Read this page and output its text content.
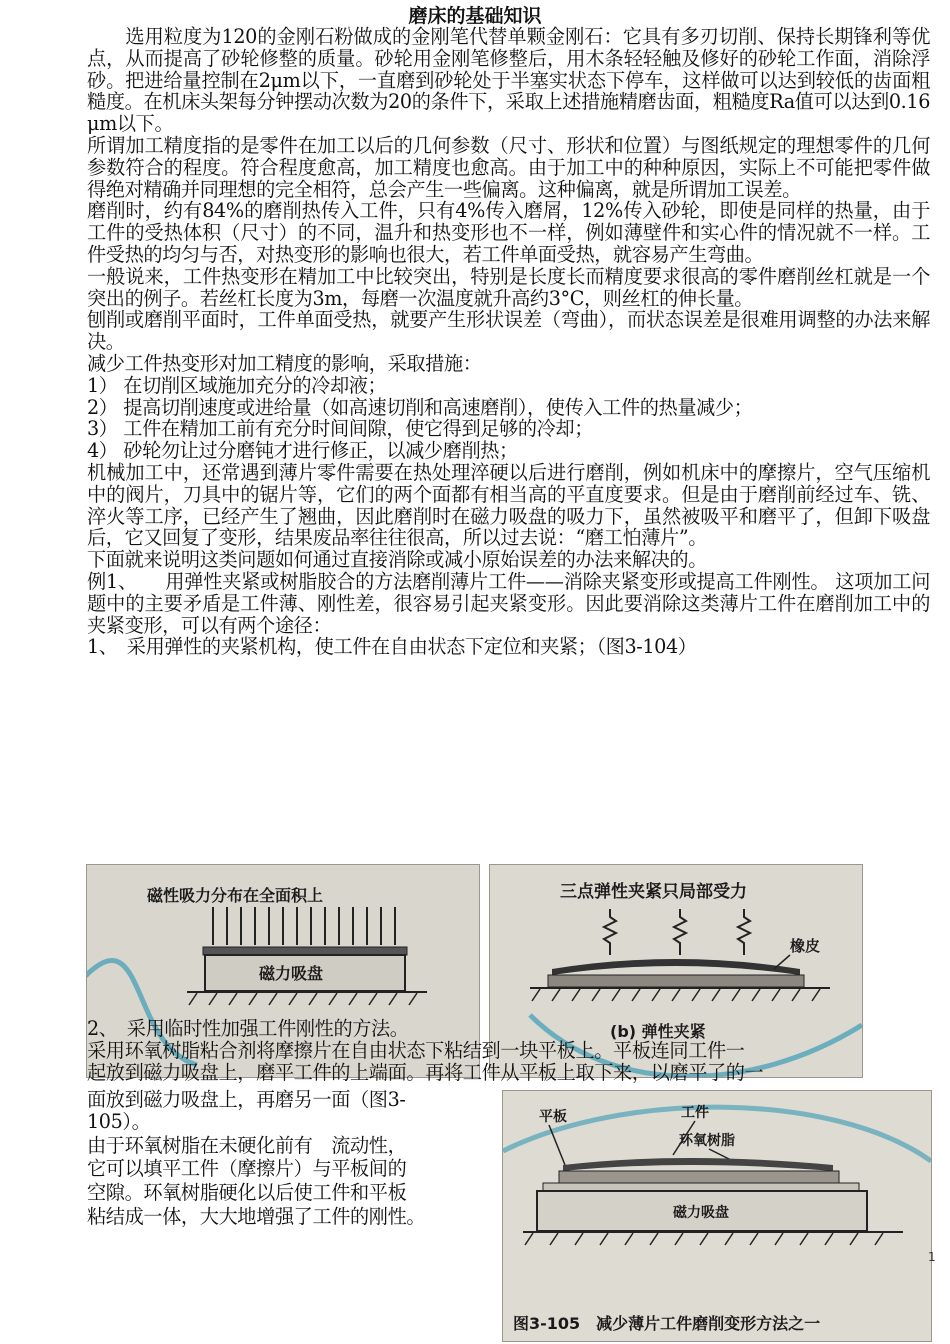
磨床的基础知识

选用粒度为120的金刚石粉做成的金刚笔代替单颗金刚石：它具有多刃切削、保持长期锋利等优点，从而提高了砂轮修整的质量。砂轮用金刚笔修整后，用木条轻轻触及修好的砂轮工作面，消除浮砂。把进给量控制在2μm以下，一直磨到砂轮处于半塞实状态下停车，这样做可以达到较低的齿面粗糙度。在机床头架每分钟摆动次数为20的条件下，采取上述措施精磨齿面，粗糙度Ra值可以达到0.16μm以下。

所谓加工精度指的是零件在加工以后的几何参数（尺寸、形状和位置）与图纸规定的理想零件的几何参数符合的程度。符合程度愈高，加工精度也愈高。由于加工中的种种原因，实际上不可能把零件做得绝对精确并同理想的完全相符，总会产生一些偏离。这种偏离，就是所谓加工误差。

磨削时，约有84%的磨削热传入工件，只有4%传入磨屑，12%传入砂轮，即使是同样的热量，由于工件的受热体积（尺寸）的不同，温升和热变形也不一样，例如薄壁件和实心件的情况就不一样。工件受热的均匀与否，对热变形的影响也很大，若工件单面受热，就容易产生弯曲。

一般说来，工件热变形在精加工中比较突出，特别是长度长而精度要求很高的零件磨削丝杠就是一个突出的例子。若丝杠长度为3m，每磨一次温度就升高约3°C，则丝杠的伸长量。

刨削或磨削平面时，工件单面受热，就要产生形状误差（弯曲），而状态误差是很难用调整的办法来解决。

减少工件热变形对加工精度的影响，采取措施：

1） 在切削区域施加充分的冷却液；

2） 提高切削速度或进给量（如高速切削和高速磨削），使传入工件的热量减少；

3） 工件在精加工前有充分时间间隙，使它得到足够的冷却；

4） 砂轮勿让过分磨钝才进行修正，以减少磨削热；

机械加工中，还常遇到薄片零件需要在热处理淬硬以后进行磨削，例如机床中的摩擦片，空气压缩机中的阀片，刀具中的锯片等，它们的两个面都有相当高的平直度要求。但是由于磨削前经过车、铣、淬火等工序，已经产生了翘曲，因此磨削时在磁力吸盘的吸力下，虽然被吸平和磨平了，但卸下吸盘后，它又回复了变形，结果废品率往往很高，所以过去说：“磨工怕薄片”。

下面就来说明这类问题如何通过直接消除或减小原始误差的办法来解决的。

例1、　　用弹性夹紧或树脂胶合的方法磨削薄片工件——消除夹紧变形或提高工件刚性。 这项加工问题中的主要矛盾是工件薄、刚性差，很容易引起夹紧变形。因此要消除这类薄片工件在磨削加工中的夹紧变形，可以有两个途径：

1、　采用弹性的夹紧机构，使工件在自由状态下定位和夹紧；（图3-104）

磁性吸力分布在全面积上
磁力吸盘
三点弹性夹紧只局部受力
橡皮
(b) 弹性夹紧
2、　采用临时性加强工件刚性的方法。
采用环氧树脂粘合剂将摩擦片在自由状态下粘结到一块平板上。平板连同工件一
起放到磁力吸盘上，磨平工件的上端面。再将工件从平板上取下来，以磨平了的一
面放到磁力吸盘上，再磨另一面（图3-
105）。
由于环氧树脂在未硬化前有　流动性，
它可以填平工件（摩擦片）与平板间的
空隙。环氧树脂硬化以后使工件和平板
粘结成一体，大大地增强了工件的刚性。
平板	工件
环氧树脂
磁力吸盘
图3-105　减少薄片工件磨削变形方法之一
1
